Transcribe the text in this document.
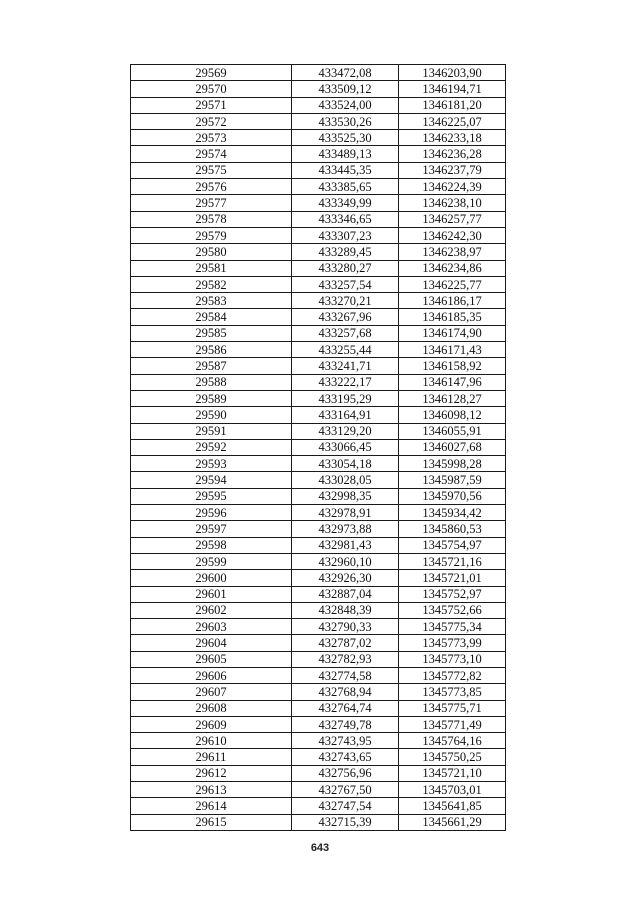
29569	433472,08	1346203,90
29570	433509,12	1346194,71
29571	433524,00	1346181,20
29572	433530,26	1346225,07
29573	433525,30	1346233,18
29574	433489,13	1346236,28
29575	433445,35	1346237,79
29576	433385,65	1346224,39
29577	433349,99	1346238,10
29578	433346,65	1346257,77
29579	433307,23	1346242,30
29580	433289,45	1346238,97
29581	433280,27	1346234,86
29582	433257,54	1346225,77
29583	433270,21	1346186,17
29584	433267,96	1346185,35
29585	433257,68	1346174,90
29586	433255,44	1346171,43
29587	433241,71	1346158,92
29588	433222,17	1346147,96
29589	433195,29	1346128,27
29590	433164,91	1346098,12
29591	433129,20	1346055,91
29592	433066,45	1346027,68
29593	433054,18	1345998,28
29594	433028,05	1345987,59
29595	432998,35	1345970,56
29596	432978,91	1345934,42
29597	432973,88	1345860,53
29598	432981,43	1345754,97
29599	432960,10	1345721,16
29600	432926,30	1345721,01
29601	432887,04	1345752,97
29602	432848,39	1345752,66
29603	432790,33	1345775,34
29604	432787,02	1345773,99
29605	432782,93	1345773,10
29606	432774,58	1345772,82
29607	432768,94	1345773,85
29608	432764,74	1345775,71
29609	432749,78	1345771,49
29610	432743,95	1345764,16
29611	432743,65	1345750,25
29612	432756,96	1345721,10
29613	432767,50	1345703,01
29614	432747,54	1345641,85
29615	432715,39	1345661,29
643
